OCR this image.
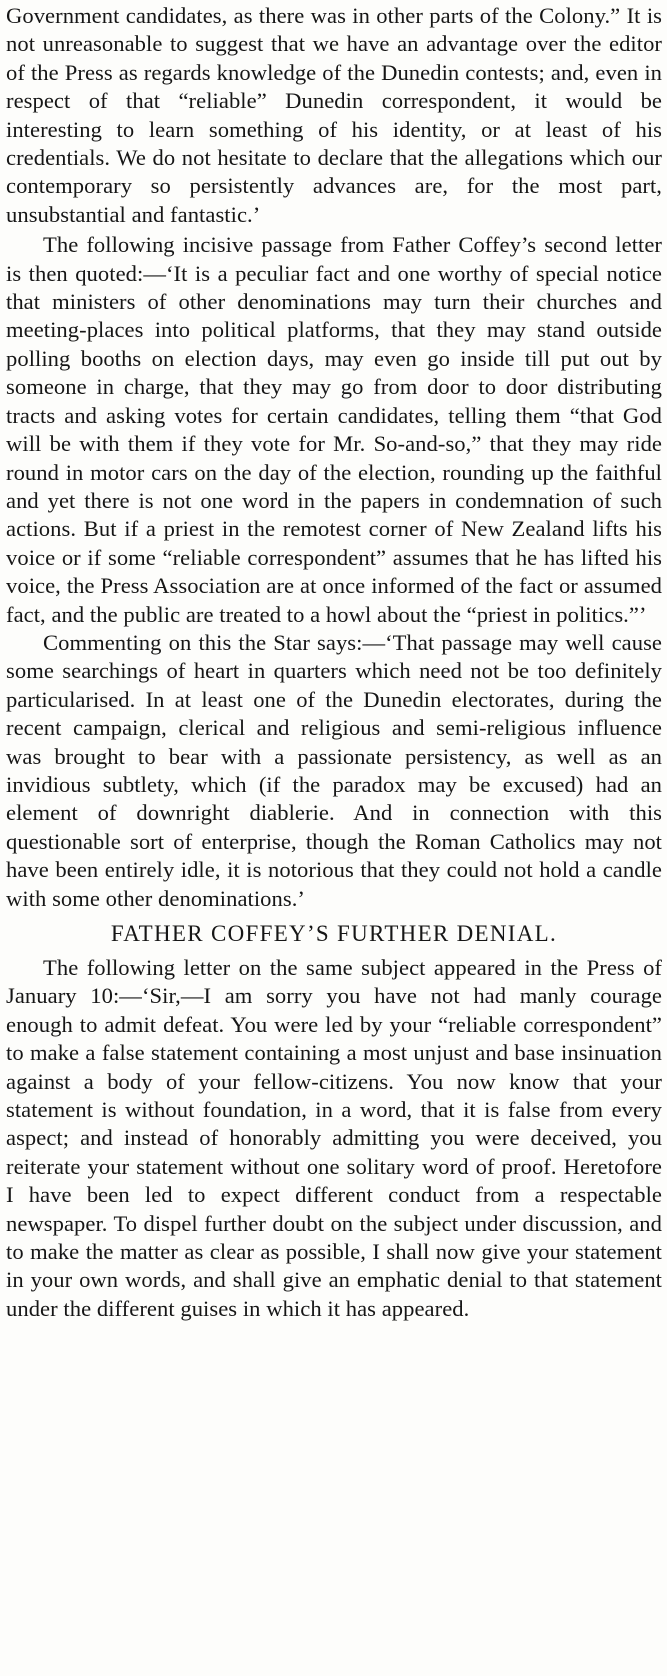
Government candidates, as there was in other parts of the Colony.” It is not unreasonable to suggest that we have an advantage over the editor of the Press as regards knowledge of the Dunedin contests; and, even in respect of that “reliable” Dunedin correspondent, it would be interesting to learn something of his identity, or at least of his credentials. We do not hesitate to declare that the allegations which our contemporary so persistently advances are, for the most part, unsubstantial and fantastic.’

The following incisive passage from Father Coffey’s second letter is then quoted:—‘It is a peculiar fact and one worthy of special notice that ministers of other denominations may turn their churches and meeting-places into political platforms, that they may stand outside polling booths on election days, may even go inside till put out by someone in charge, that they may go from door to door distributing tracts and asking votes for certain candidates, telling them “that God will be with them if they vote for Mr. So-and-so,” that they may ride round in motor cars on the day of the election, rounding up the faithful and yet there is not one word in the papers in condemnation of such actions. But if a priest in the remotest corner of New Zealand lifts his voice or if some “reliable correspondent” assumes that he has lifted his voice, the Press Association are at once informed of the fact or assumed fact, and the public are treated to a howl about the “priest in politics.”’

Commenting on this the Star says:—‘That passage may well cause some searchings of heart in quarters which need not be too definitely particularised. In at least one of the Dunedin electorates, during the recent campaign, clerical and religious and semi-religious influence was brought to bear with a passionate persistency, as well as an invidious subtlety, which (if the paradox may be excused) had an element of downright diablerie. And in connection with this questionable sort of enterprise, though the Roman Catholics may not have been entirely idle, it is notorious that they could not hold a candle with some other denominations.’

FATHER COFFEY’S FURTHER DENIAL.

The following letter on the same subject appeared in the Press of January 10:—‘Sir,—I am sorry you have not had manly courage enough to admit defeat. You were led by your “reliable correspondent” to make a false statement containing a most unjust and base insinuation against a body of your fellow-citizens. You now know that your statement is without foundation, in a word, that it is false from every aspect; and instead of honorably admitting you were deceived, you reiterate your statement without one solitary word of proof. Heretofore I have been led to expect different conduct from a respectable newspaper. To dispel further doubt on the subject under discussion, and to make the matter as clear as possible, I shall now give your statement in your own words, and shall give an emphatic denial to that statement under the different guises in which it has appeared.
